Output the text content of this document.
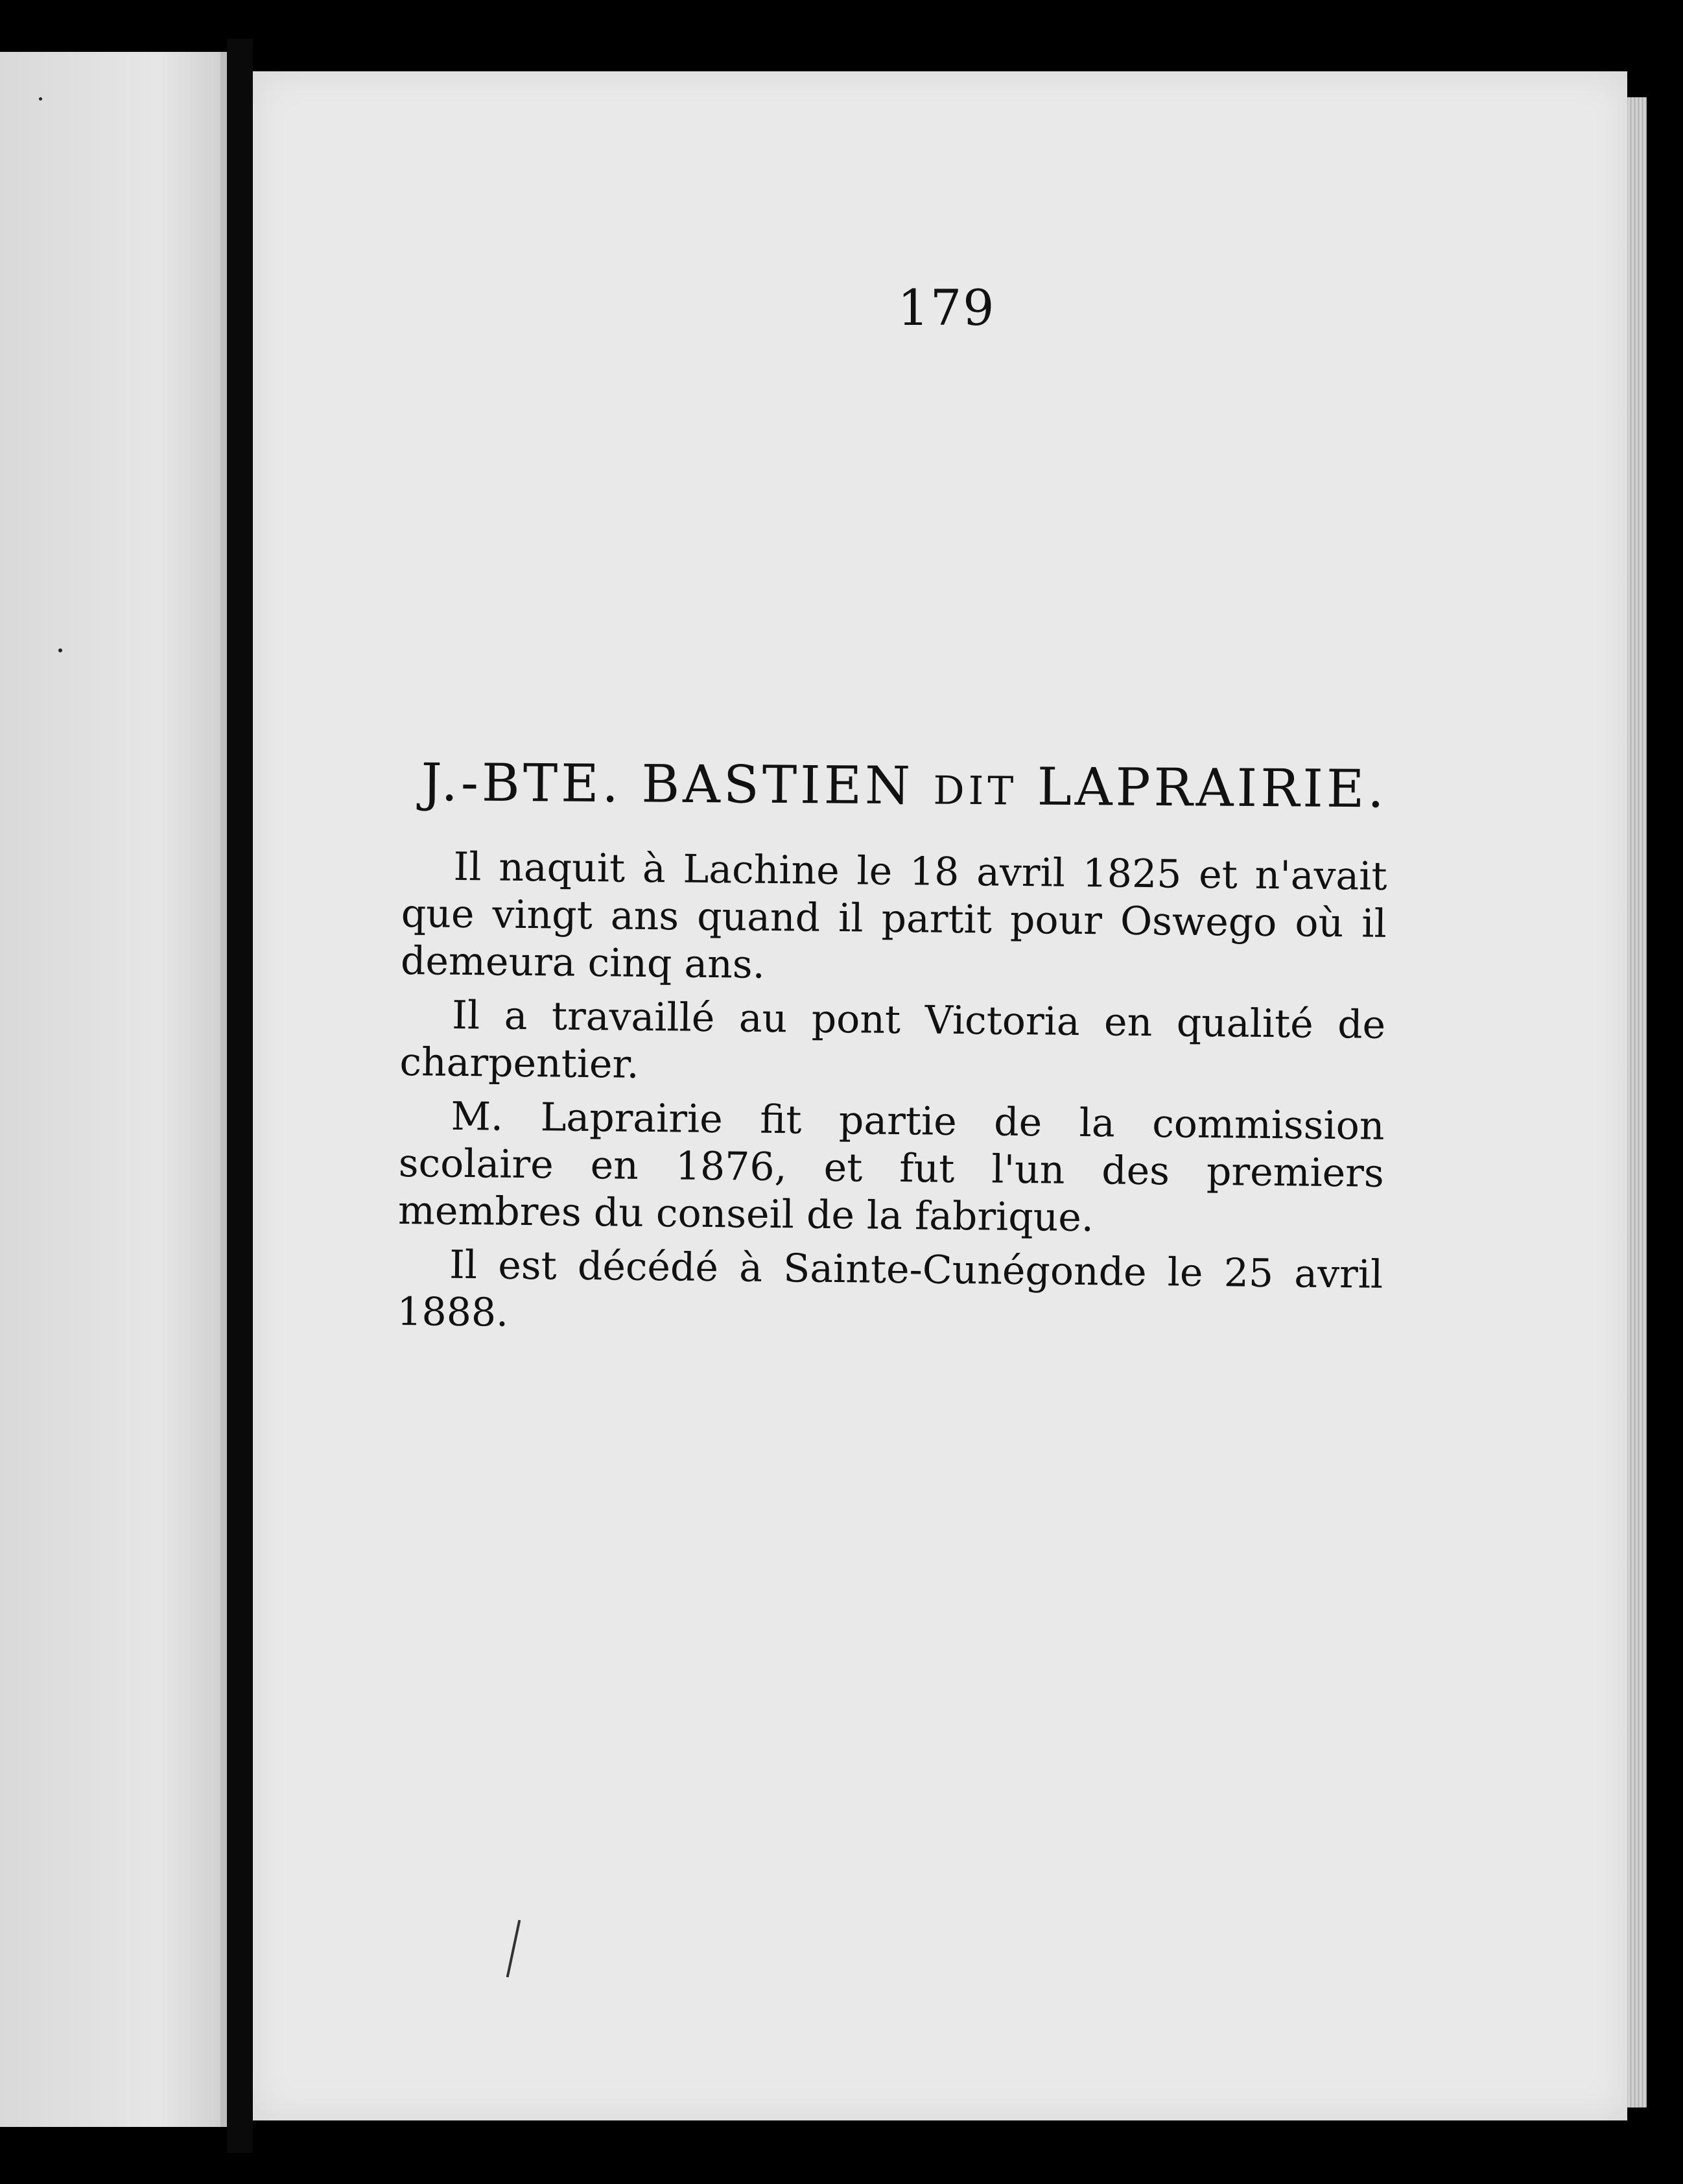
179
J.-BTE. BASTIEN DIT LAPRAIRIE.

Il naquit à Lachine le 18 avril 1825 et n'avait que vingt ans quand il partit pour Oswego où il demeura cinq ans.

Il a travaillé au pont Victoria en qualité de charpentier.

M. Laprairie fit partie de la commission scolaire en 1876, et fut l'un des premiers membres du conseil de la fabrique.

Il est décédé à Sainte-Cunégonde le 25 avril 1888.
